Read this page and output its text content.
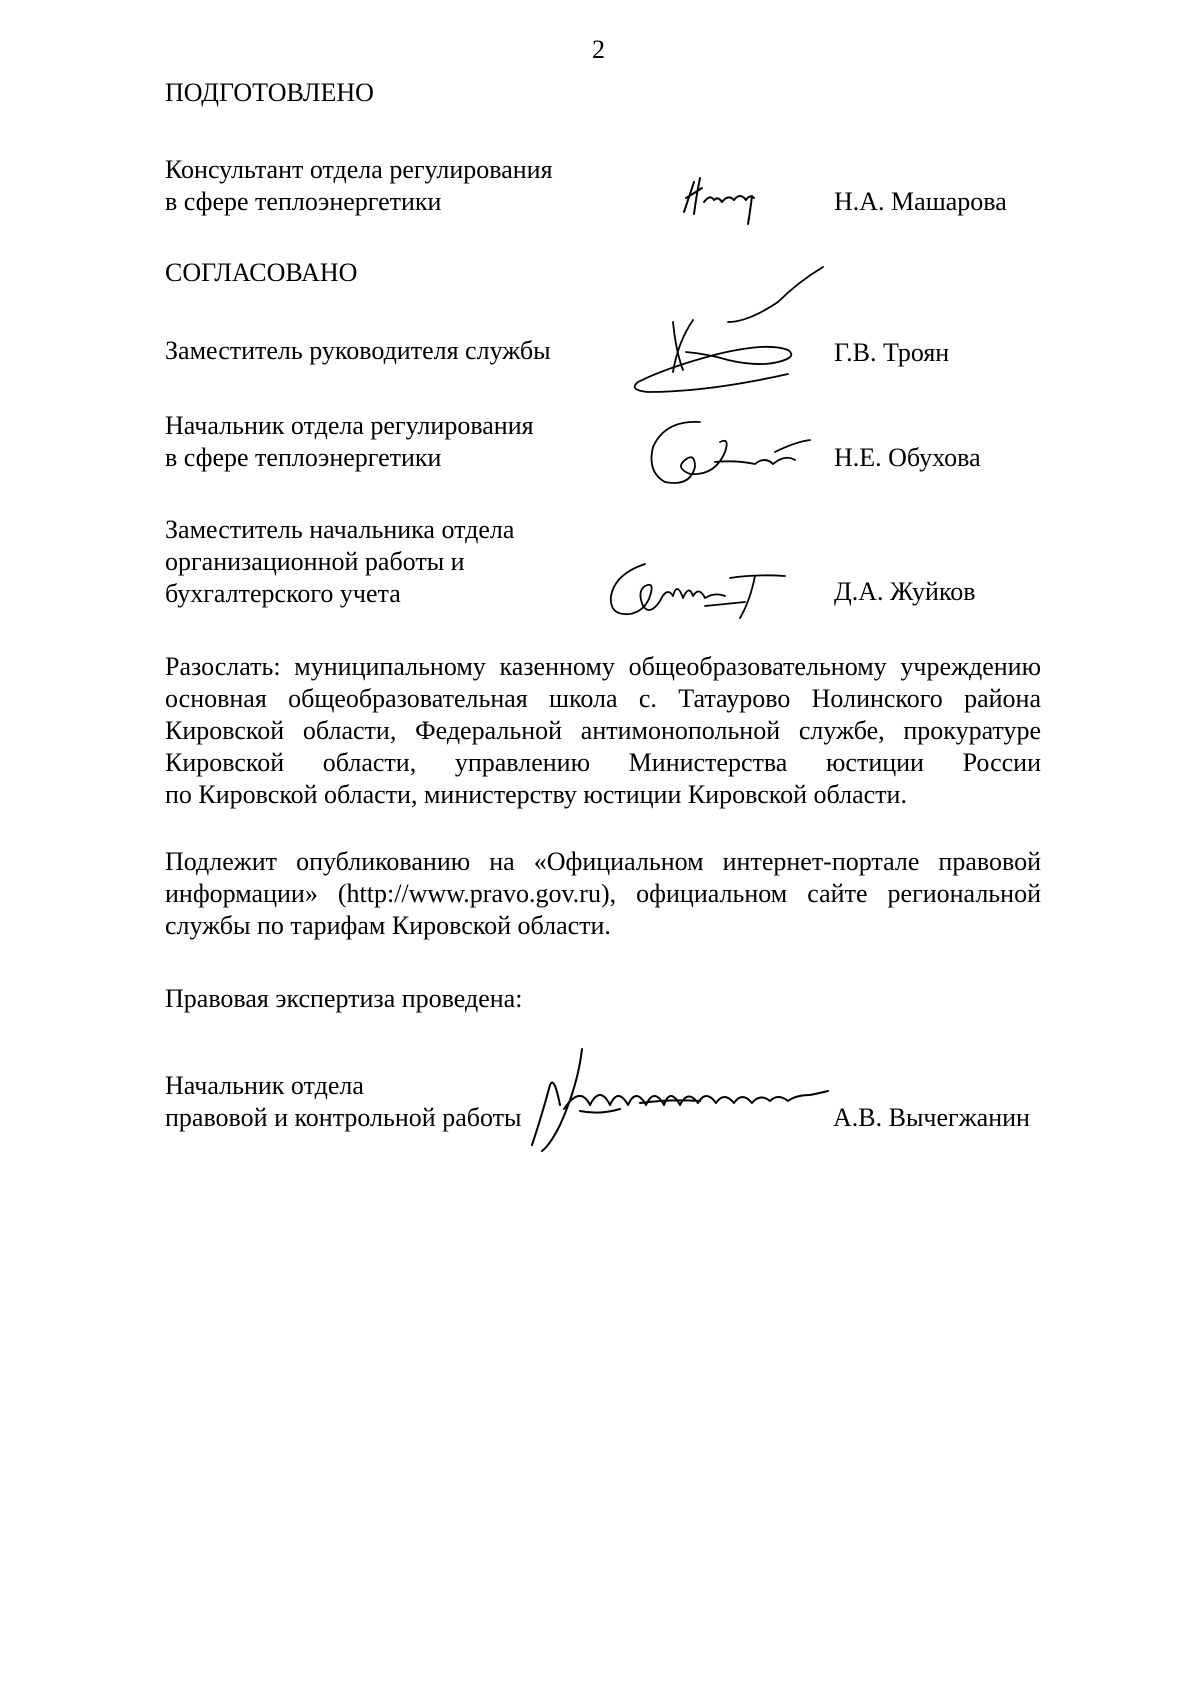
2
ПОДГОТОВЛЕНО
Консультант отдела регулирования
в сфере теплоэнергетики	Н.А. Машарова
СОГЛАСОВАНО
Заместитель руководителя службы	Г.В. Троян
Начальник отдела регулирования
в сфере теплоэнергетики	Н.Е. Обухова
Заместитель начальника отдела
организационной работы и
бухгалтерского учета	Д.А. Жуйков
Разослать: муниципальному казенному общеобразовательному учреждению
основная общеобразовательная школа с. Татаурово Нолинского района
Кировской области, Федеральной антимонопольной службе, прокуратуре
Кировской области, управлению Министерства юстиции России
по Кировской области, министерству юстиции Кировской области.
Подлежит опубликованию на «Официальном интернет-портале правовой
информации» (http://www.pravo.gov.ru), официальном сайте региональной
службы по тарифам Кировской области.
Правовая экспертиза проведена:
Начальник отдела
правовой и контрольной работы	А.В. Вычегжанин
